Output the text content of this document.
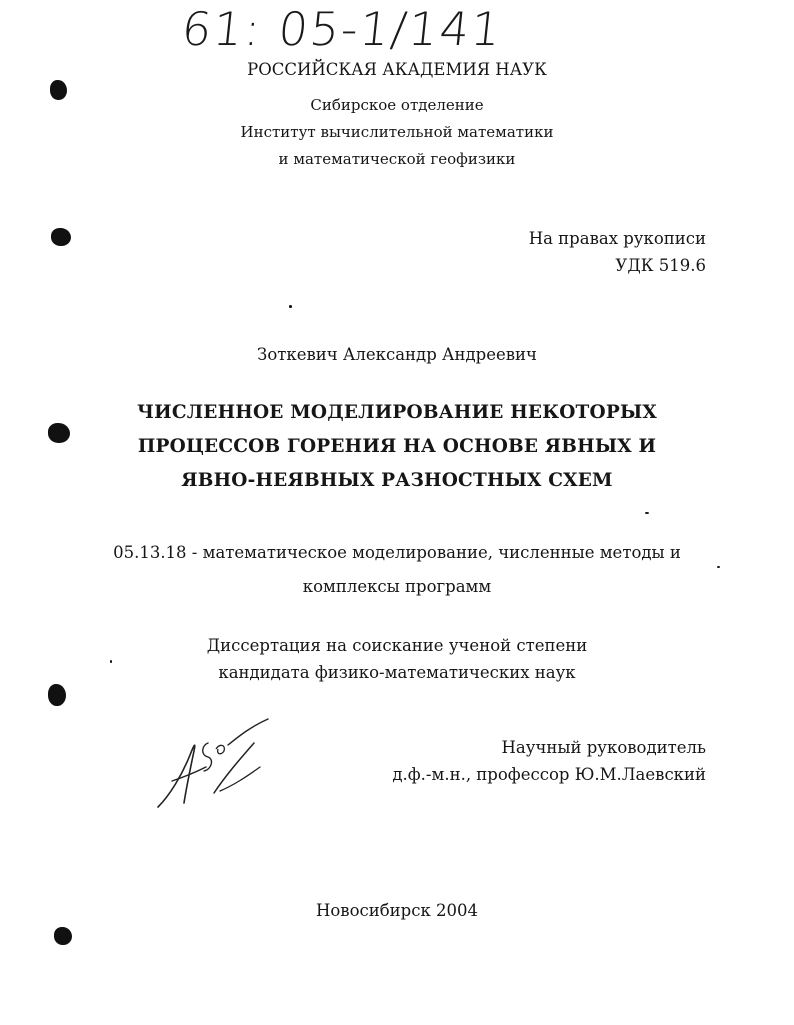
61: 05-1/141
РОССИЙСКАЯ АКАДЕМИЯ НАУК
Сибирское отделение
Институт вычислительной математики
и математической геофизики
На правах рукописи
УДК 519.6
Зоткевич Александр Андреевич
ЧИСЛЕННОЕ МОДЕЛИРОВАНИЕ НЕКОТОРЫХ
ПРОЦЕССОВ ГОРЕНИЯ НА ОСНОВЕ ЯВНЫХ И
ЯВНО-НЕЯВНЫХ РАЗНОСТНЫХ СХЕМ
05.13.18 - математическое моделирование, численные методы и
комплексы программ
Диссертация на соискание ученой степени
кандидата физико-математических наук
Научный руководитель
д.ф.-м.н., профессор Ю.М.Лаевский
Новосибирск 2004
